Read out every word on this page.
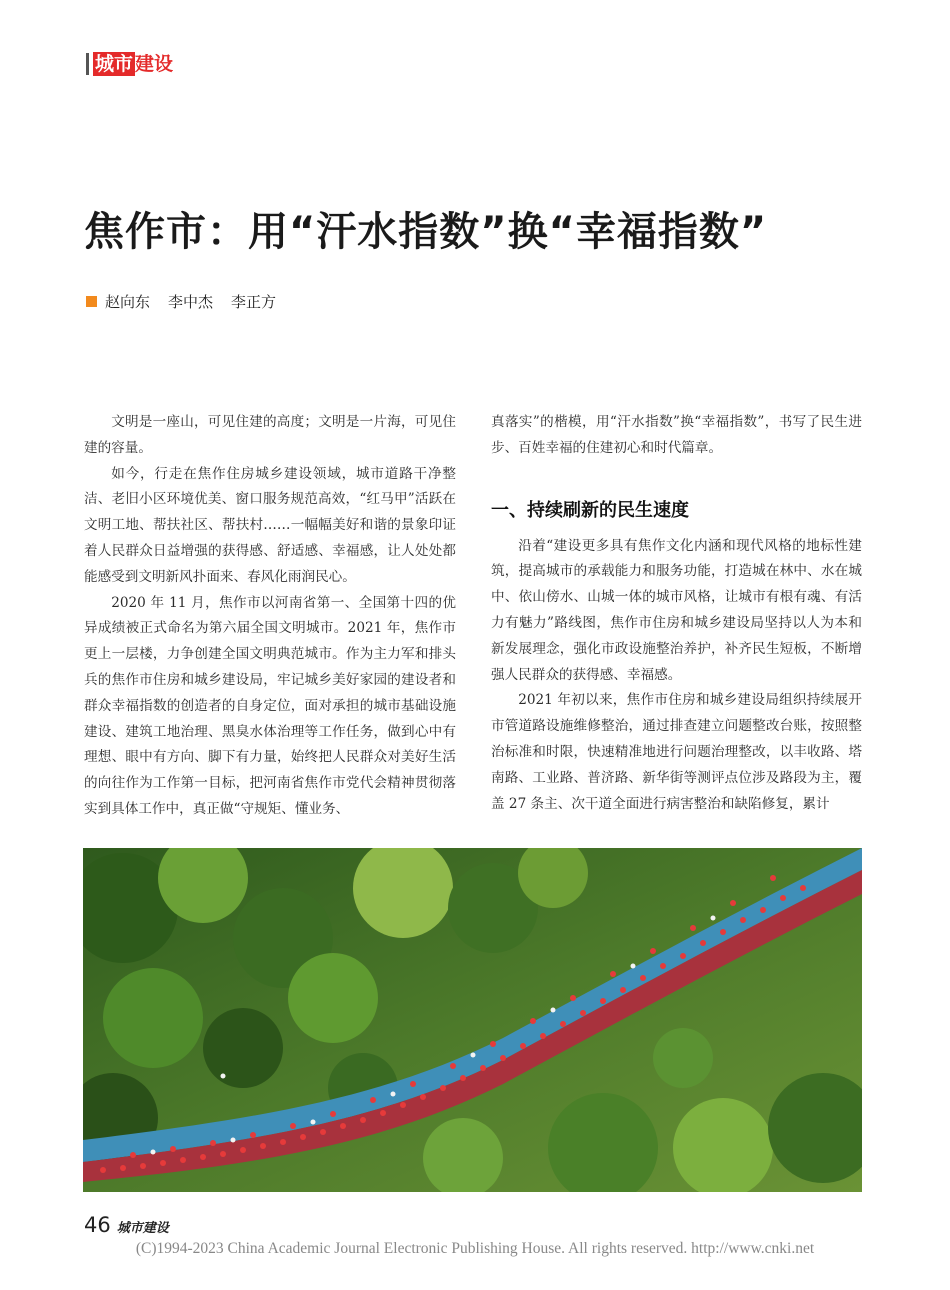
城市 建设
焦作市：用“汗水指数”换“幸福指数”
赵向东 李中杰 李正方

文明是一座山，可见住建的高度；文明是一片海，可见住建的容量。

如今，行走在焦作住房城乡建设领域，城市道路干净整洁、老旧小区环境优美、窗口服务规范高效，“红马甲”活跃在文明工地、帮扶社区、帮扶村……一幅幅美好和谐的景象印证着人民群众日益增强的获得感、舒适感、幸福感，让人处处都能感受到文明新风扑面来、春风化雨润民心。

2020 年 11 月，焦作市以河南省第一、全国第十四的优异成绩被正式命名为第六届全国文明城市。2021 年，焦作市更上一层楼，力争创建全国文明典范城市。作为主力军和排头兵的焦作市住房和城乡建设局，牢记城乡美好家园的建设者和群众幸福指数的创造者的自身定位，面对承担的城市基础设施建设、建筑工地治理、黑臭水体治理等工作任务，做到心中有理想、眼中有方向、脚下有力量，始终把人民群众对美好生活的向往作为工作第一目标，把河南省焦作市党代会精神贯彻落实到具体工作中，真正做“守规矩、懂业务、

真落实”的楷模，用“汗水指数”换“幸福指数”，书写了民生进步、百姓幸福的住建初心和时代篇章。

一、持续刷新的民生速度

沿着“建设更多具有焦作文化内涵和现代风格的地标性建筑，提高城市的承载能力和服务功能，打造城在林中、水在城中、依山傍水、山城一体的城市风格，让城市有根有魂、有活力有魅力”路线图，焦作市住房和城乡建设局坚持以人为本和新发展理念，强化市政设施整治养护，补齐民生短板，不断增强人民群众的获得感、幸福感。

2021 年初以来，焦作市住房和城乡建设局组织持续展开市管道路设施维修整治，通过排查建立问题整改台账，按照整治标准和时限，快速精准地进行问题治理整改，以丰收路、塔南路、工业路、普济路、新华街等测评点位涉及路段为主，覆盖 27 条主、次干道全面进行病害整治和缺陷修复，累计

46 城市建设
(C)1994-2023 China Academic Journal Electronic Publishing House. All rights reserved. http://www.cnki.net
